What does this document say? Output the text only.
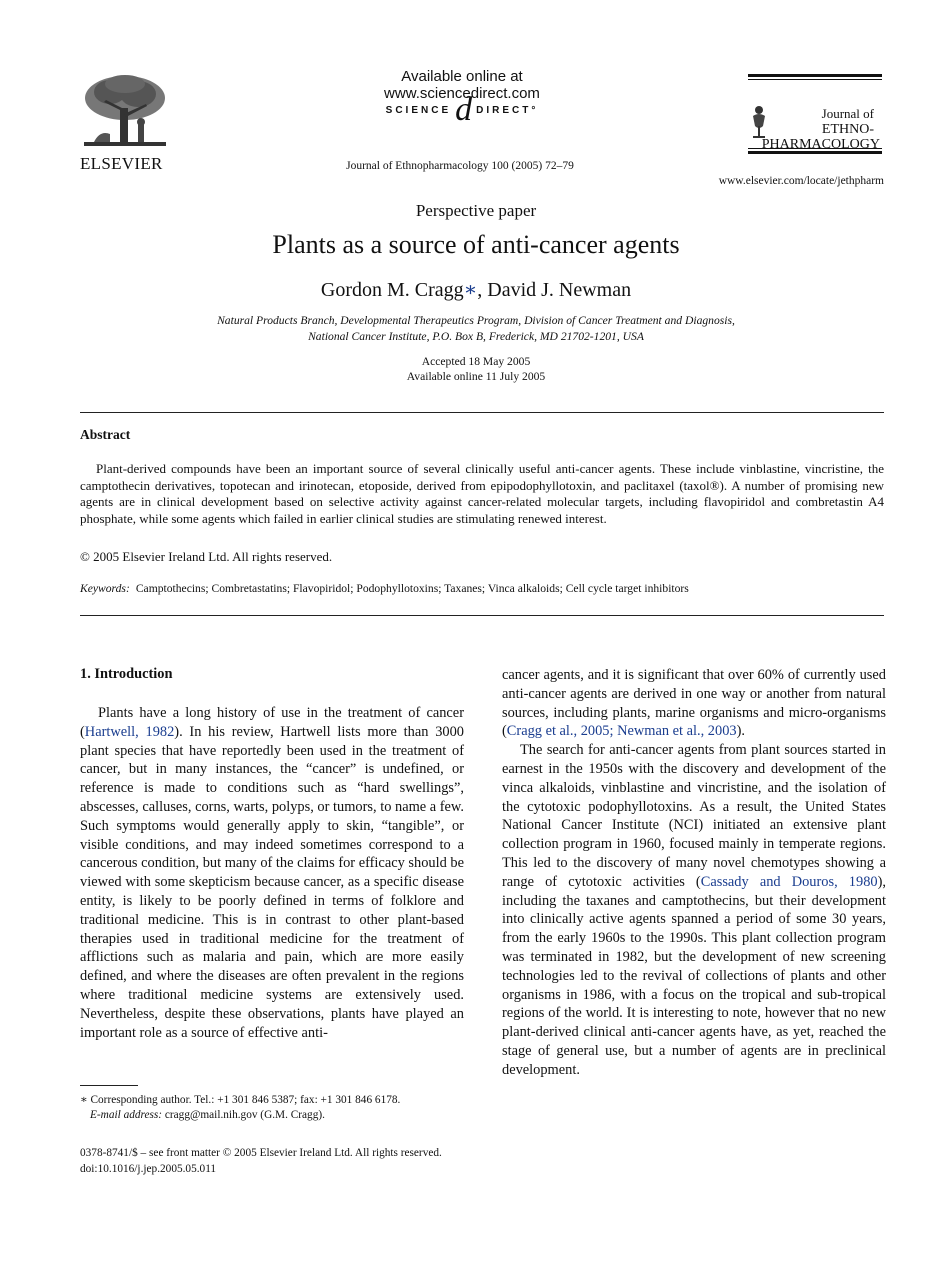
ELSEVIER
Available online at www.sciencedirect.com
SCIENCE d DIRECT°
Journal of Ethnopharmacology 100 (2005) 72–79
Journal of
ETHNO-
PHARMACOLOGY
www.elsevier.com/locate/jethpharm
Perspective paper
Plants as a source of anti-cancer agents
Gordon M. Cragg∗, David J. Newman
Natural Products Branch, Developmental Therapeutics Program, Division of Cancer Treatment and Diagnosis,
National Cancer Institute, P.O. Box B, Frederick, MD 21702-1201, USA
Accepted 18 May 2005
Available online 11 July 2005
Abstract
Plant-derived compounds have been an important source of several clinically useful anti-cancer agents. These include vinblastine, vincristine, the camptothecin derivatives, topotecan and irinotecan, etoposide, derived from epipodophyllotoxin, and paclitaxel (taxol®). A number of promising new agents are in clinical development based on selective activity against cancer-related molecular targets, including flavopiridol and combretastin A4 phosphate, while some agents which failed in earlier clinical studies are stimulating renewed interest.
© 2005 Elsevier Ireland Ltd. All rights reserved.
Keywords: Camptothecins; Combretastatins; Flavopiridol; Podophyllotoxins; Taxanes; Vinca alkaloids; Cell cycle target inhibitors
1. Introduction

Plants have a long history of use in the treatment of cancer (Hartwell, 1982). In his review, Hartwell lists more than 3000 plant species that have reportedly been used in the treatment of cancer, but in many instances, the “cancer” is undefined, or reference is made to conditions such as “hard swellings”, abscesses, calluses, corns, warts, polyps, or tumors, to name a few. Such symptoms would generally apply to skin, “tangible”, or visible conditions, and may indeed sometimes correspond to a cancerous condition, but many of the claims for efficacy should be viewed with some skepticism because cancer, as a specific disease entity, is likely to be poorly defined in terms of folklore and traditional medicine. This is in contrast to other plant-based therapies used in traditional medicine for the treatment of afflictions such as malaria and pain, which are more easily defined, and where the diseases are often prevalent in the regions where traditional medicine systems are extensively used. Nevertheless, despite these observations, plants have played an important role as a source of effective anti-

cancer agents, and it is significant that over 60% of currently used anti-cancer agents are derived in one way or another from natural sources, including plants, marine organisms and micro-organisms (Cragg et al., 2005; Newman et al., 2003).

The search for anti-cancer agents from plant sources started in earnest in the 1950s with the discovery and development of the vinca alkaloids, vinblastine and vincristine, and the isolation of the cytotoxic podophyllotoxins. As a result, the United States National Cancer Institute (NCI) initiated an extensive plant collection program in 1960, focused mainly in temperate regions. This led to the discovery of many novel chemotypes showing a range of cytotoxic activities (Cassady and Douros, 1980), including the taxanes and camptothecins, but their development into clinically active agents spanned a period of some 30 years, from the early 1960s to the 1990s. This plant collection program was terminated in 1982, but the development of new screening technologies led to the revival of collections of plants and other organisms in 1986, with a focus on the tropical and sub-tropical regions of the world. It is interesting to note, however that no new plant-derived clinical anti-cancer agents have, as yet, reached the stage of general use, but a number of agents are in preclinical development.

∗ Corresponding author. Tel.: +1 301 846 5387; fax: +1 301 846 6178.
E-mail address: cragg@mail.nih.gov (G.M. Cragg).
0378-8741/$ – see front matter © 2005 Elsevier Ireland Ltd. All rights reserved.
doi:10.1016/j.jep.2005.05.011
